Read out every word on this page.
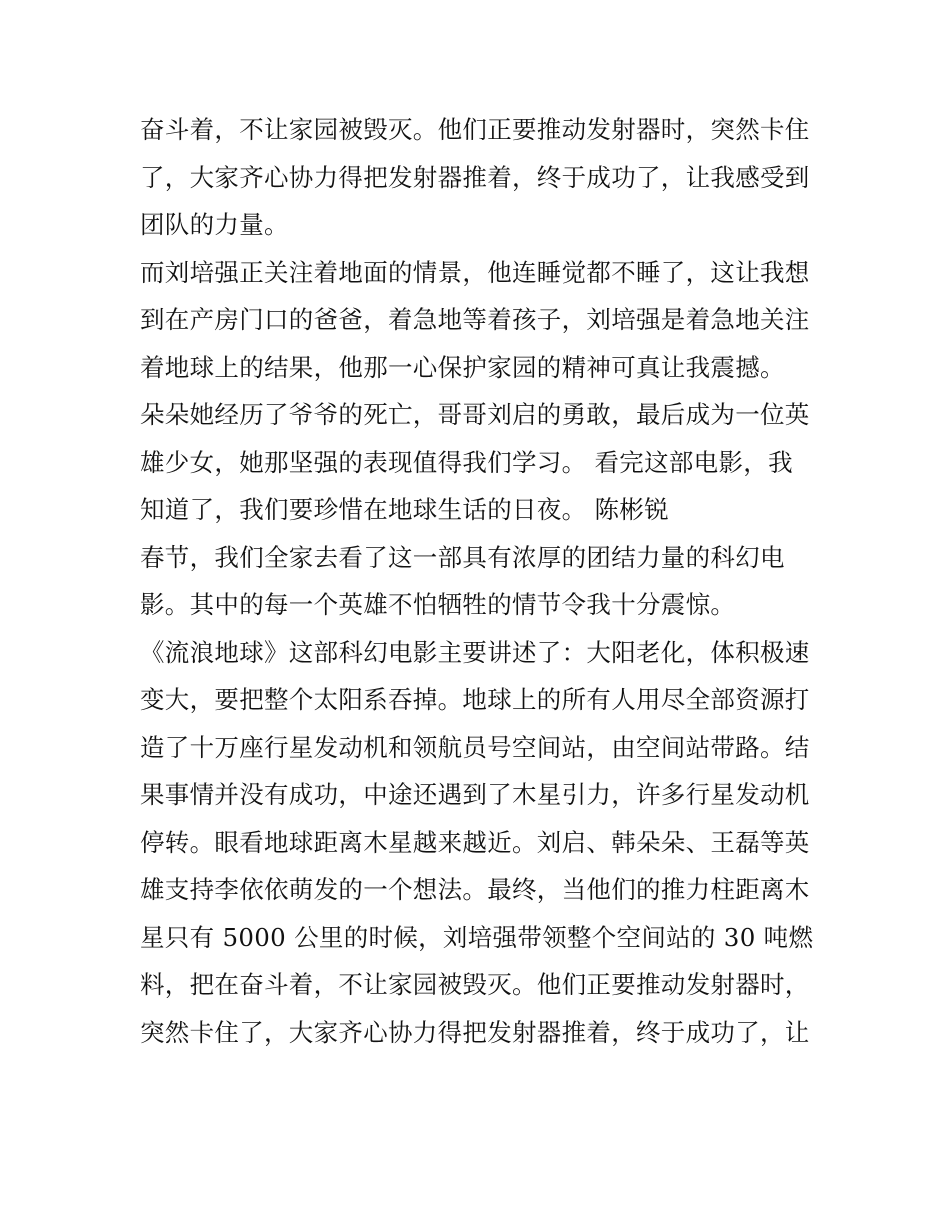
奋斗着，不让家园被毁灭。他们正要推动发射器时，突然卡住
了，大家齐心协力得把发射器推着，终于成功了，让我感受到
团队的力量。
而刘培强正关注着地面的情景，他连睡觉都不睡了，这让我想
到在产房门口的爸爸，着急地等着孩子，刘培强是着急地关注
着地球上的结果，他那一心保护家园的精神可真让我震撼。
朵朵她经历了爷爷的死亡，哥哥刘启的勇敢，最后成为一位英
雄少女，她那坚强的表现值得我们学习。 看完这部电影，我
知道了，我们要珍惜在地球生话的日夜。 陈彬锐
春节，我们全家去看了这一部具有浓厚的团结力量的科幻电
影。其中的每一个英雄不怕牺牲的情节令我十分震惊。
《流浪地球》这部科幻电影主要讲述了：大阳老化，体积极速
变大，要把整个太阳系吞掉。地球上的所有人用尽全部资源打
造了十万座行星发动机和领航员号空间站，由空间站带路。结
果事情并没有成功，中途还遇到了木星引力，许多行星发动机
停转。眼看地球距离木星越来越近。刘启、韩朵朵、王磊等英
雄支持李依依萌发的一个想法。最终，当他们的推力柱距离木
星只有 5000 公里的时候，刘培强带领整个空间站的 30 吨燃
料，把在奋斗着，不让家园被毁灭。他们正要推动发射器时，
突然卡住了，大家齐心协力得把发射器推着，终于成功了，让
